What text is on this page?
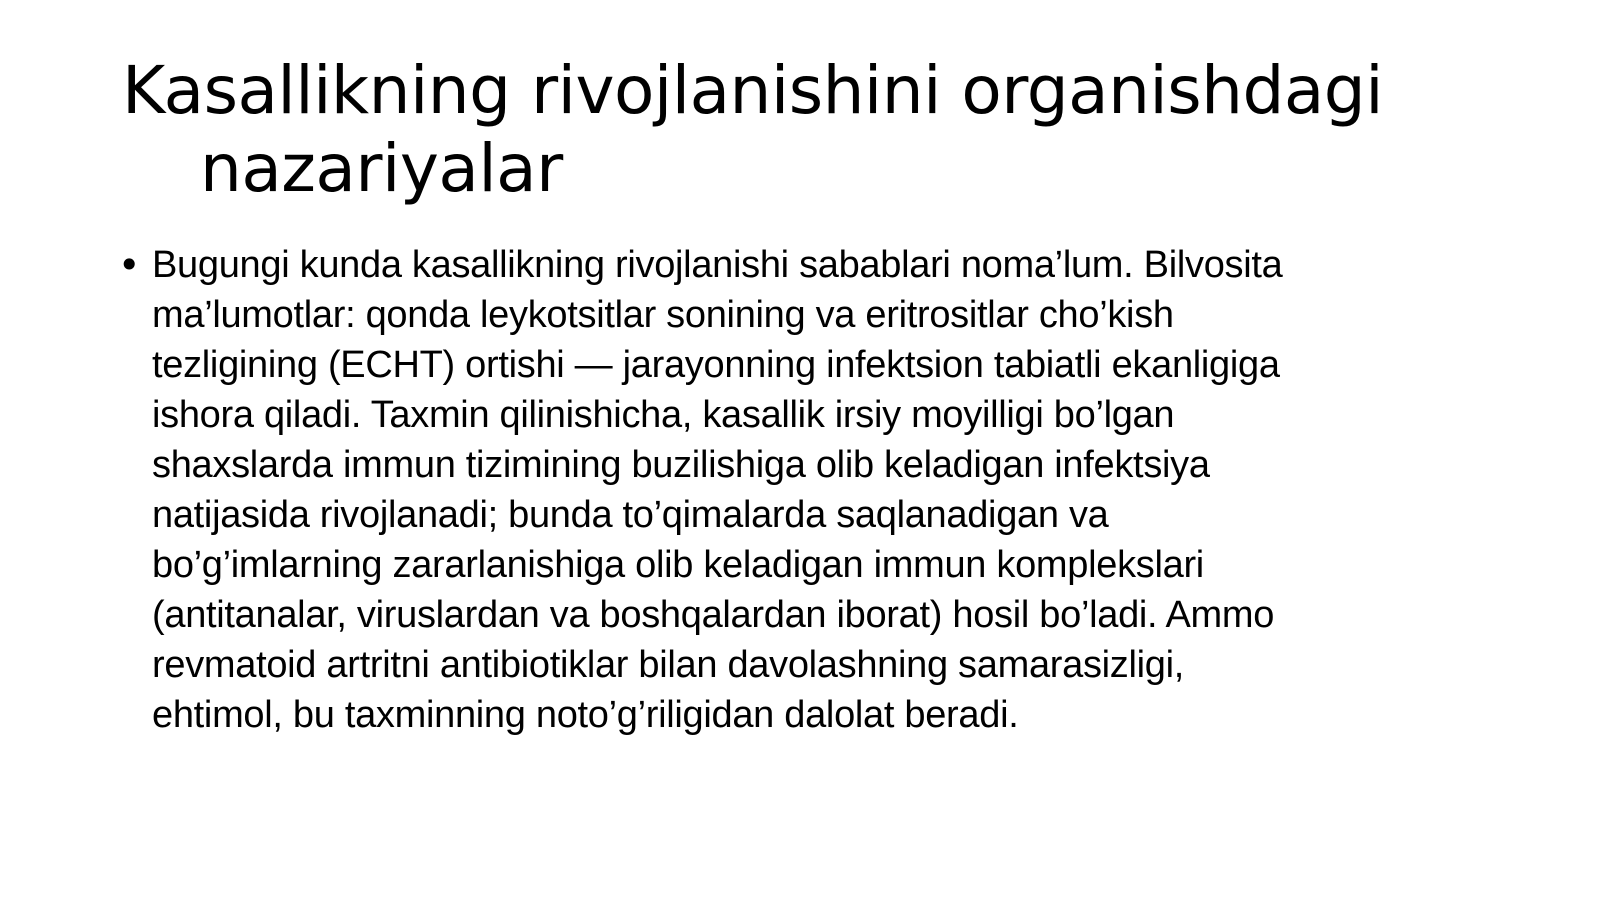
Kasallikning rivojlanishini organishdagi
nazariyalar
• Bugungi kunda kasallikning rivojlanishi sabablari noma’lum. Bilvosita
ma’lumotlar: qonda leykotsitlar sonining va eritrositlar cho’kish
tezligining (ECHT) ortishi — jarayonning infektsion tabiatli ekanligiga
ishora qiladi. Taxmin qilinishicha, kasallik irsiy moyilligi bo’lgan
shaxslarda immun tizimining buzilishiga olib keladigan infektsiya
natijasida rivojlanadi; bunda to’qimalarda saqlanadigan va
bo’g’imlarning zararlanishiga olib keladigan immun komplekslari
(antitanalar, viruslardan va boshqalardan iborat) hosil bo’ladi. Ammo
revmatoid artritni antibiotiklar bilan davolashning samarasizligi,
ehtimol, bu taxminning noto’g’riligidan dalolat beradi.
